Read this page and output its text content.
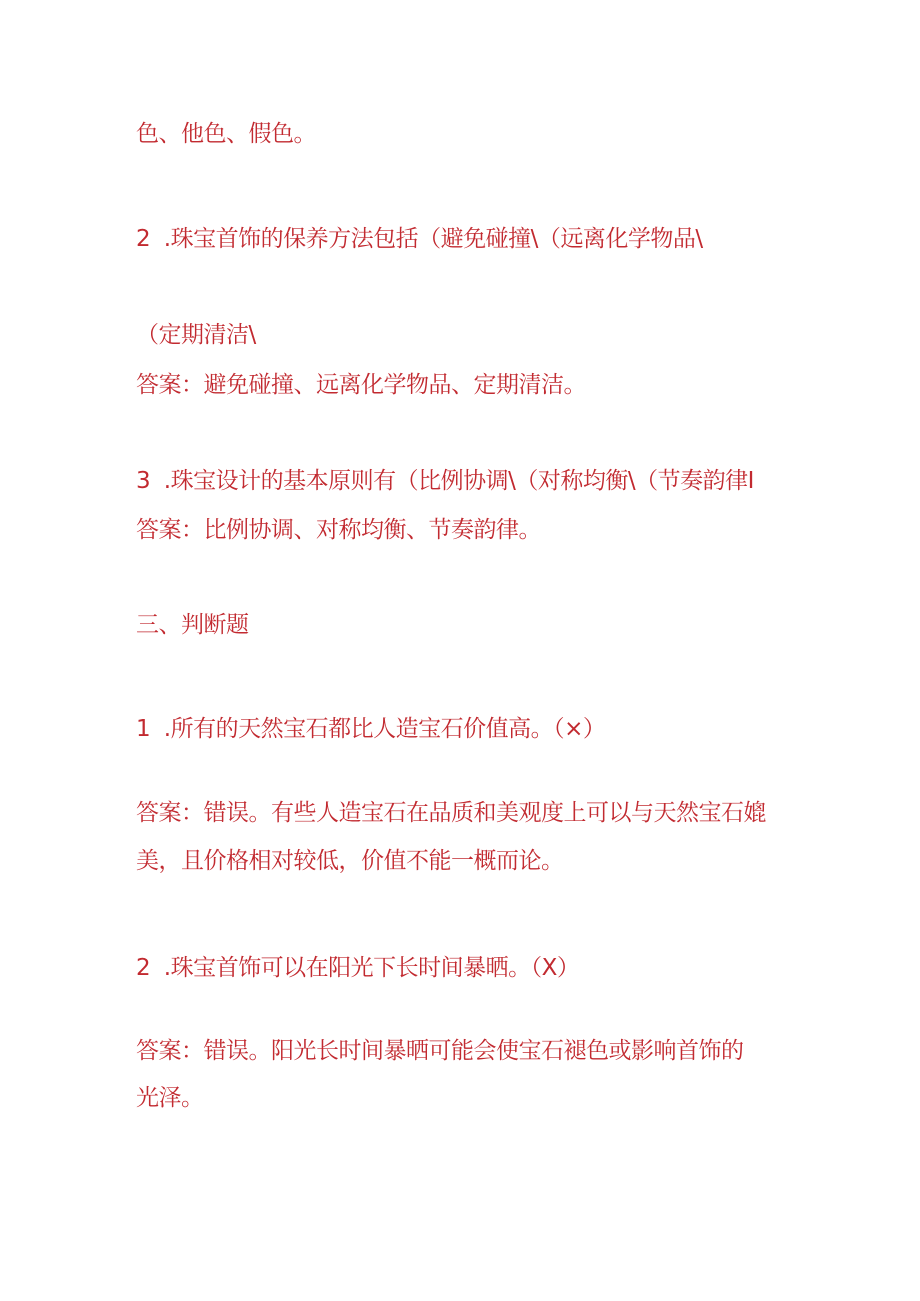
色、他色、假色。

2  .珠宝首饰的保养方法包括（避免碰撞\（远离化学物品\

（定期清洁\

答案：避免碰撞、远离化学物品、定期清洁。

3  .珠宝设计的基本原则有（比例协调\（对称均衡\（节奏韵律I

答案：比例协调、对称均衡、节奏韵律。

三、判断题

1  .所有的天然宝石都比人造宝石价值高。（×）

答案：错误。有些人造宝石在品质和美观度上可以与天然宝石媲

美，且价格相对较低，价值不能一概而论。

2  .珠宝首饰可以在阳光下长时间暴晒。（X）

答案：错误。阳光长时间暴晒可能会使宝石褪色或影响首饰的

光泽。
